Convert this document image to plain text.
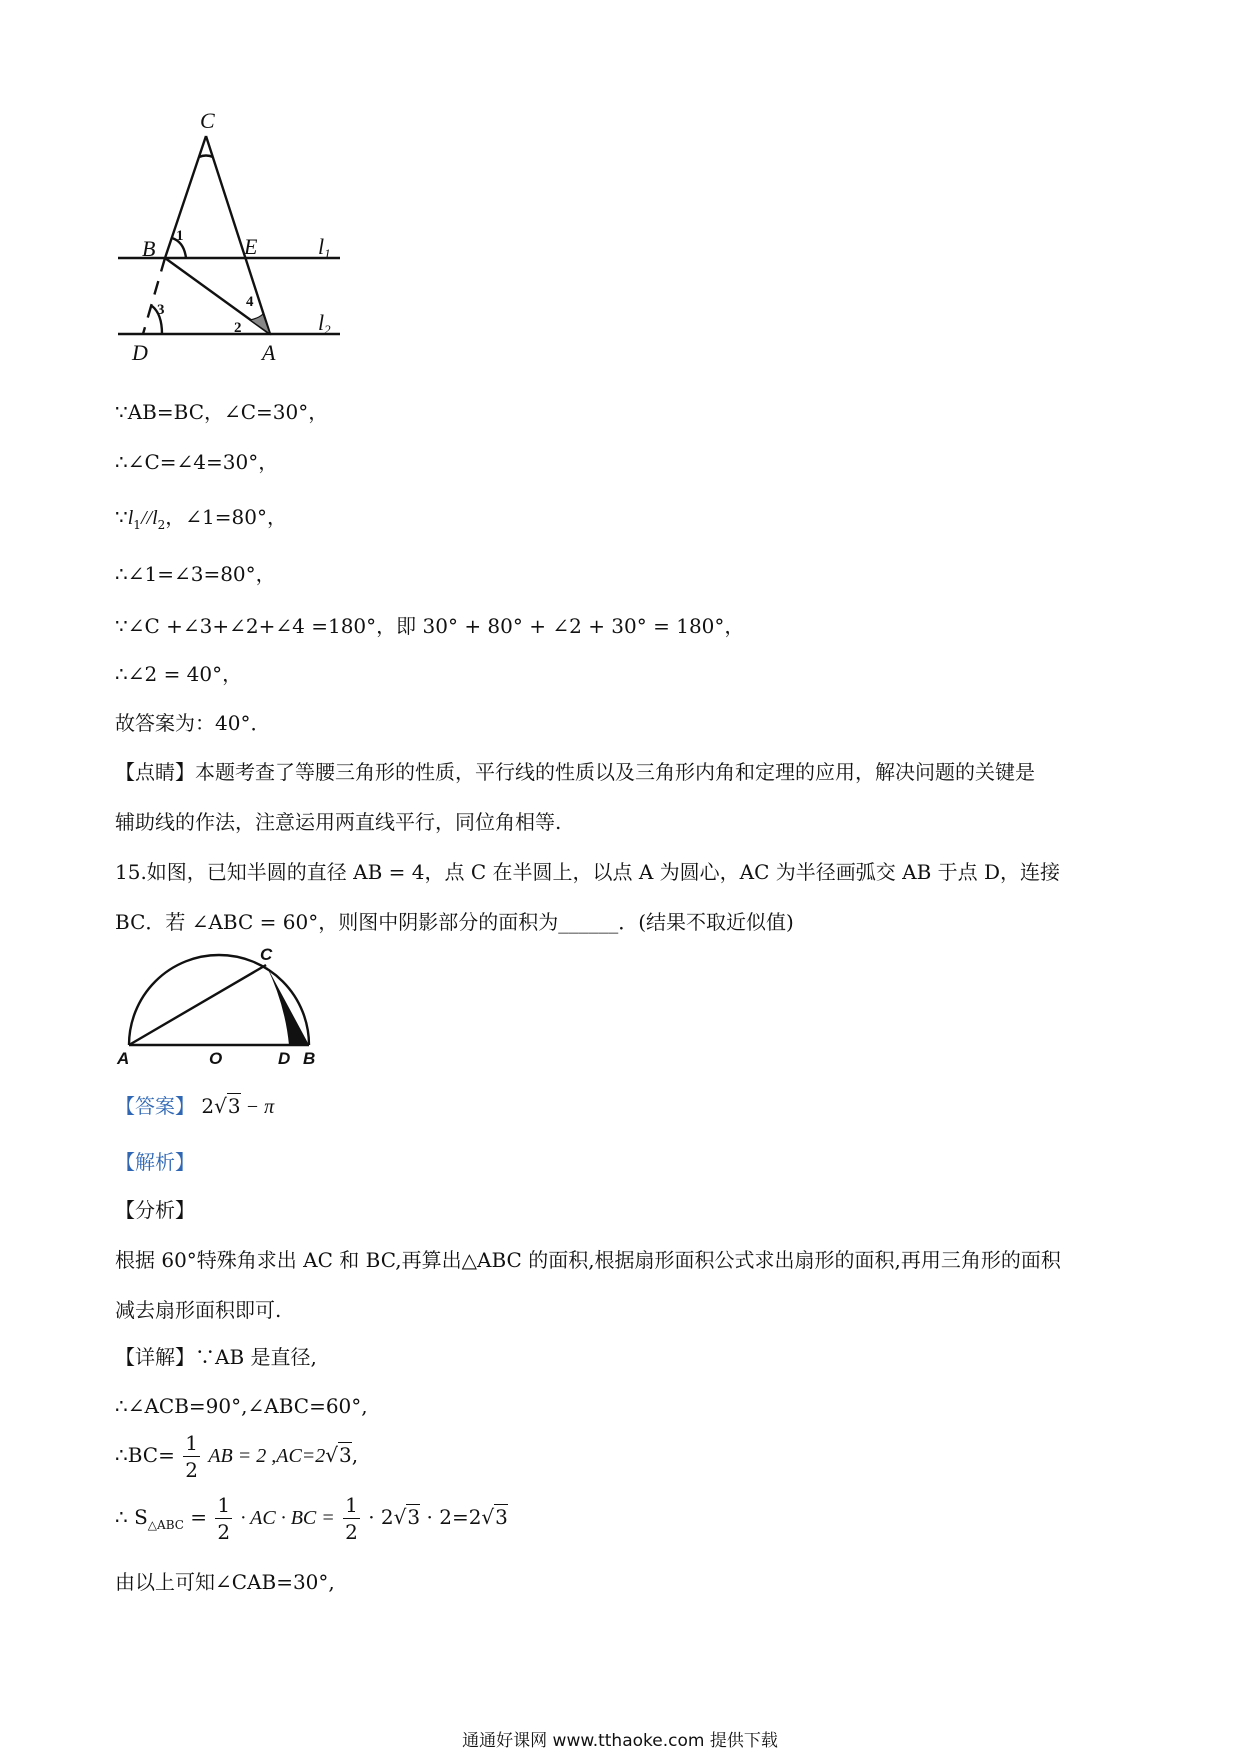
C
B	E
D	A
l1
l2
1
2
3	4
∵AB=BC，∠C=30°，
∴∠C=∠4=30°，
$\because l_1//l_2$，∠1=80°，
∴∠1=∠3=80°，
∵∠C +∠3+∠2+∠4 =180°，即 30° + 80° + ∠2 + 30° = 180°，
∴∠2 = 40°，
故答案为：40°．
【点睛】本题考查了等腰三角形的性质，平行线的性质以及三角形内角和定理的应用，解决问题的关键是
辅助线的作法，注意运用两直线平行，同位角相等.
15.如图，已知半圆的直径 AB = 4，点 C 在半圆上，以点 A 为圆心，AC 为半径画弧交 AB 于点 D，连接
BC．若 ∠ABC = 60°，则图中阴影部分的面积为______．(结果不取近似值)
A	O	D B
C
【答案】 2√3 − π
【解析】
【分析】
根据 60°特殊角求出 AC 和 BC,再算出△ABC 的面积,根据扇形面积公式求出扇形的面积,再用三角形的面积
减去扇形面积即可.
【详解】∵AB 是直径,
∴∠ACB=90°,∠ABC=60°,
∴BC= $\frac{1}{2}$ AB = 2 ,AC=2√3,
∴ $S_{\triangle ABC} = \frac{1}{2}$ · AC · BC = $\frac{1}{2} \cdot 2√3 \cdot 2=2√3$
由以上可知∠CAB=30°,
通通好课网 www.tthaoke.com 提供下载
